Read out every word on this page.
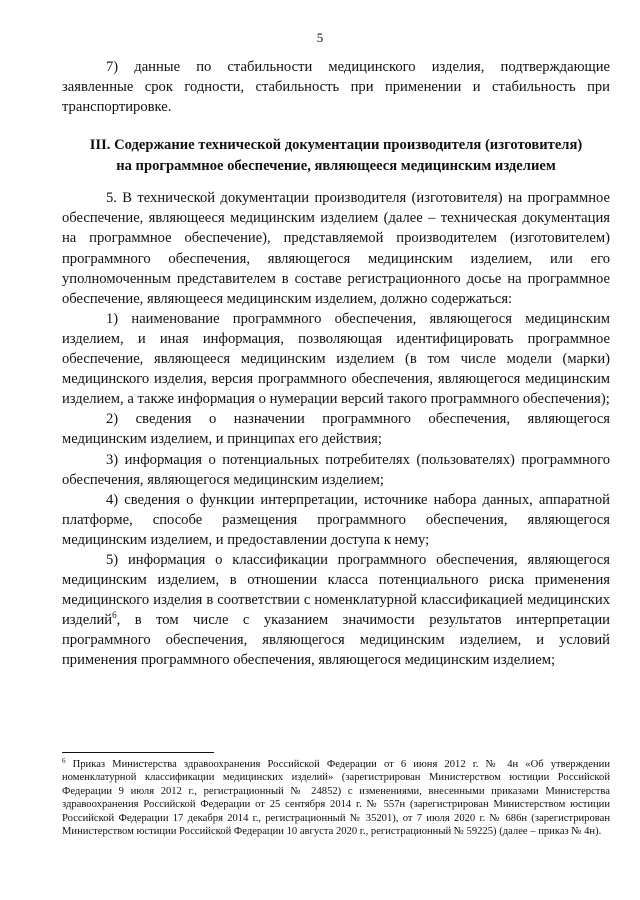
5

7) данные по стабильности медицинского изделия, подтверждающие заявленные срок годности, стабильность при применении и стабильность при транспортировке.

III. Содержание технической документации производителя (изготовителя)
на программное обеспечение, являющееся медицинским изделием

5. В технической документации производителя (изготовителя) на программное обеспечение, являющееся медицинским изделием (далее – техническая документация на программное обеспечение), представляемой производителем (изготовителем) программного обеспечения, являющегося медицинским изделием, или его уполномоченным представителем в составе регистрационного досье на программное обеспечение, являющееся медицинским изделием, должно содержаться:

1) наименование программного обеспечения, являющегося медицинским изделием, и иная информация, позволяющая идентифицировать программное обеспечение, являющееся медицинским изделием (в том числе модели (марки) медицинского изделия, версия программного обеспечения, являющегося медицинским изделием, а также информация о нумерации версий такого программного обеспечения);

2) сведения о назначении программного обеспечения, являющегося медицинским изделием, и принципах его действия;

3) информация о потенциальных потребителях (пользователях) программного обеспечения, являющегося медицинским изделием;

4) сведения о функции интерпретации, источнике набора данных, аппаратной платформе, способе размещения программного обеспечения, являющегося медицинским изделием, и предоставлении доступа к нему;

5) информация о классификации программного обеспечения, являющегося медицинским изделием, в отношении класса потенциального риска применения медицинского изделия в соответствии с номенклатурной классификацией медицинских изделий$^6$, в том числе с указанием значимости результатов интерпретации программного обеспечения, являющегося медицинским изделием, и условий применения программного обеспечения, являющегося медицинским изделием;

$^6$ Приказ Министерства здравоохранения Российской Федерации от 6 июня 2012 г. № 4н «Об утверждении номенклатурной классификации медицинских изделий» (зарегистрирован Министерством юстиции Российской Федерации 9 июля 2012 г., регистрационный № 24852) с изменениями, внесенными приказами Министерства здравоохранения Российской Федерации от 25 сентября 2014 г. № 557н (зарегистрирован Министерством юстиции Российской Федерации 17 декабря 2014 г., регистрационный № 35201), от 7 июля 2020 г. № 686н (зарегистрирован Министерством юстиции Российской Федерации 10 августа 2020 г., регистрационный № 59225) (далее – приказ № 4н).
